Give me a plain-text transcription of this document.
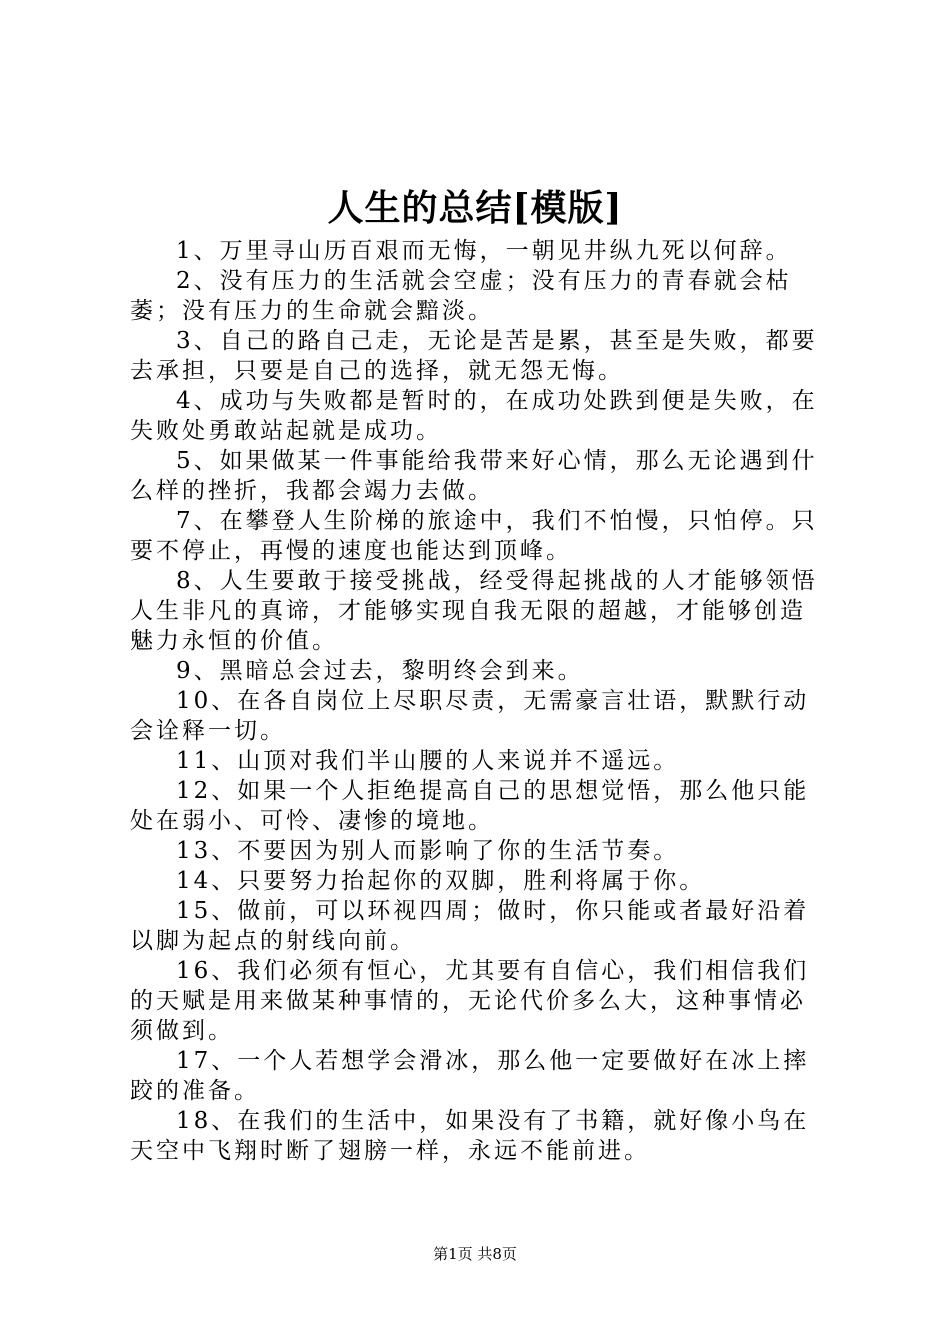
人生的总结[模版]

1、万里寻山历百艰而无悔，一朝见井纵九死以何辞。

2、没有压力的生活就会空虚；没有压力的青春就会枯萎；没有压力的生命就会黯淡。

3、自己的路自己走，无论是苦是累，甚至是失败，都要去承担，只要是自己的选择，就无怨无悔。

4、成功与失败都是暂时的，在成功处跌到便是失败，在失败处勇敢站起就是成功。

5、如果做某一件事能给我带来好心情，那么无论遇到什么样的挫折，我都会竭力去做。

7、在攀登人生阶梯的旅途中，我们不怕慢，只怕停。只要不停止，再慢的速度也能达到顶峰。

8、人生要敢于接受挑战，经受得起挑战的人才能够领悟人生非凡的真谛，才能够实现自我无限的超越，才能够创造魅力永恒的价值。

9、黑暗总会过去，黎明终会到来。

10、在各自岗位上尽职尽责，无需豪言壮语，默默行动会诠释一切。

11、山顶对我们半山腰的人来说并不遥远。

12、如果一个人拒绝提高自己的思想觉悟，那么他只能处在弱小、可怜、凄惨的境地。

13、不要因为别人而影响了你的生活节奏。

14、只要努力抬起你的双脚，胜利将属于你。

15、做前，可以环视四周；做时，你只能或者最好沿着以脚为起点的射线向前。

16、我们必须有恒心，尤其要有自信心，我们相信我们的天赋是用来做某种事情的，无论代价多么大，这种事情必须做到。

17、一个人若想学会滑冰，那么他一定要做好在冰上摔跤的准备。

18、在我们的生活中，如果没有了书籍，就好像小鸟在天空中飞翔时断了翅膀一样，永远不能前进。

第1页 共8页
